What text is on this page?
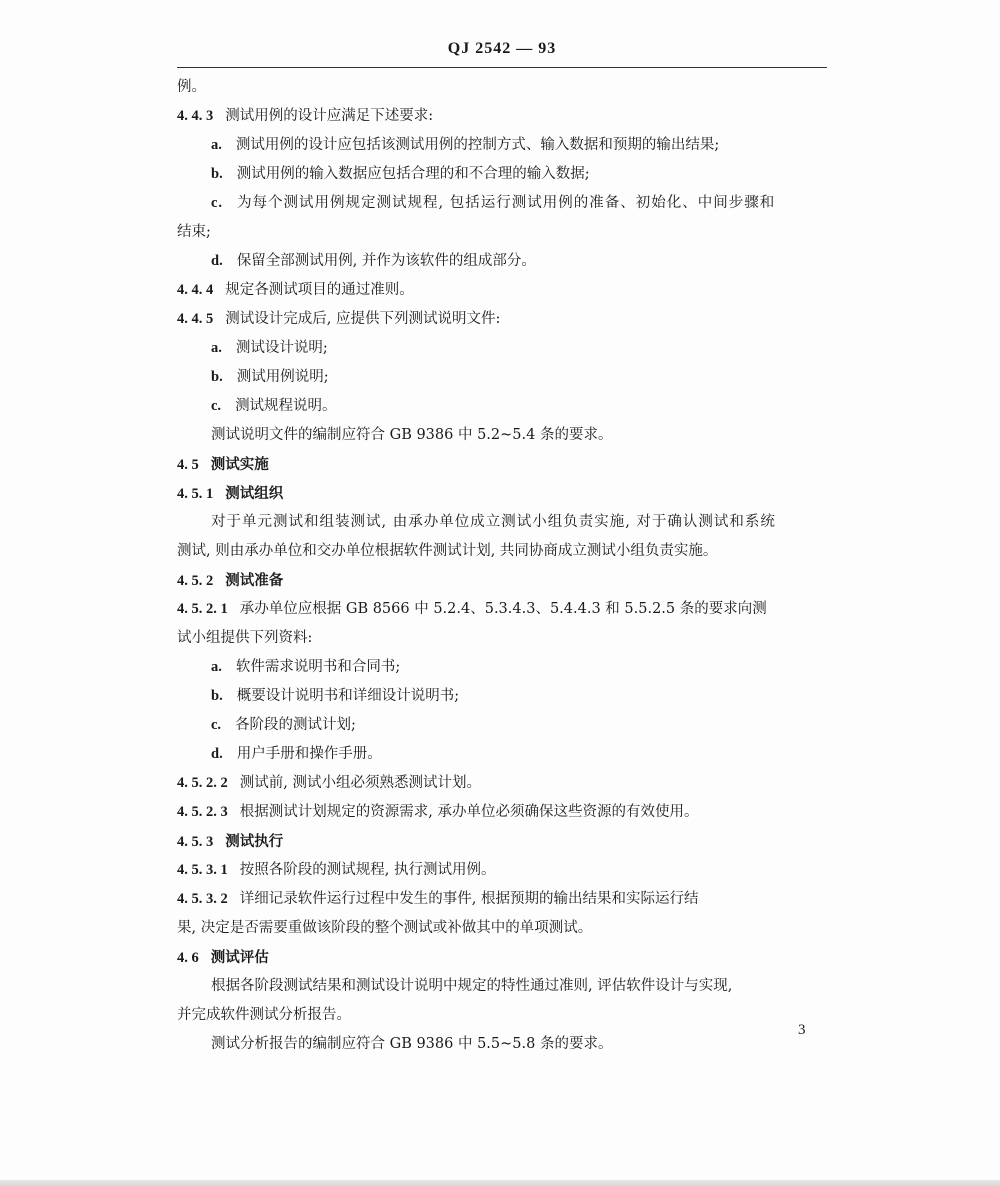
QJ 2542 — 93
例。
4. 4. 3 测试用例的设计应满足下述要求:
a. 测试用例的设计应包括该测试用例的控制方式、输入数据和预期的输出结果;
b. 测试用例的输入数据应包括合理的和不合理的输入数据;
c. 为每个测试用例规定测试规程, 包括运行测试用例的准备、初始化、中间步骤和
结束;
d. 保留全部测试用例, 并作为该软件的组成部分。
4. 4. 4 规定各测试项目的通过准则。
4. 4. 5 测试设计完成后, 应提供下列测试说明文件:
a. 测试设计说明;
b. 测试用例说明;
c. 测试规程说明。
测试说明文件的编制应符合 GB 9386 中 5.2~5.4 条的要求。
4. 5 测试实施
4. 5. 1 测试组织
对于单元测试和组装测试, 由承办单位成立测试小组负责实施, 对于确认测试和系统
测试, 则由承办单位和交办单位根据软件测试计划, 共同协商成立测试小组负责实施。
4. 5. 2 测试准备
4. 5. 2. 1 承办单位应根据 GB 8566 中 5.2.4、5.3.4.3、5.4.4.3 和 5.5.2.5 条的要求向测
试小组提供下列资料:
a. 软件需求说明书和合同书;
b. 概要设计说明书和详细设计说明书;
c. 各阶段的测试计划;
d. 用户手册和操作手册。
4. 5. 2. 2 测试前, 测试小组必须熟悉测试计划。
4. 5. 2. 3 根据测试计划规定的资源需求, 承办单位必须确保这些资源的有效使用。
4. 5. 3 测试执行
4. 5. 3. 1 按照各阶段的测试规程, 执行测试用例。
4. 5. 3. 2 详细记录软件运行过程中发生的事件, 根据预期的输出结果和实际运行结
果, 决定是否需要重做该阶段的整个测试或补做其中的单项测试。
4. 6 测试评估
根据各阶段测试结果和测试设计说明中规定的特性通过准则, 评估软件设计与实现,
并完成软件测试分析报告。
测试分析报告的编制应符合 GB 9386 中 5.5~5.8 条的要求。
3
